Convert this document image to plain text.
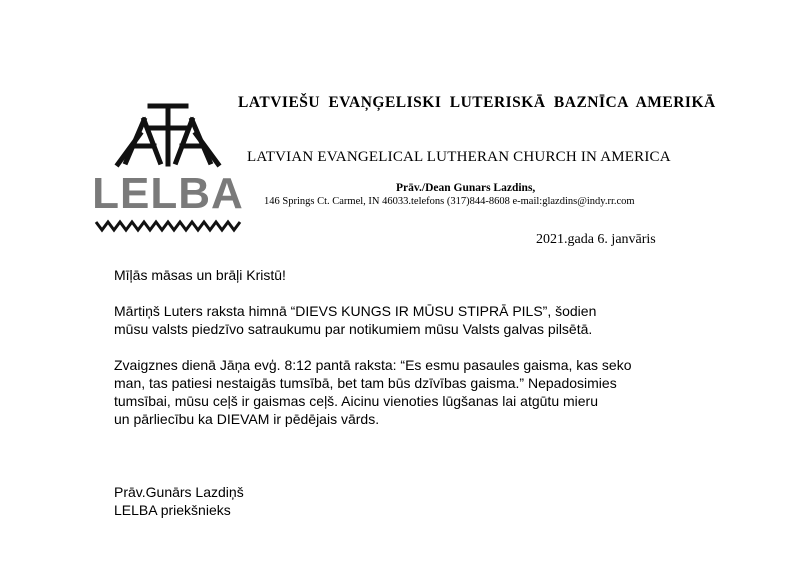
LELBA
LATVIEŠU EVAŅĢELISKI LUTERISKĀ BAZNĪCA AMERIKĀ
LATVIAN EVANGELICAL LUTHERAN CHURCH IN AMERICA
Prāv./Dean Gunars Lazdins,
146 Springs Ct. Carmel, IN 46033.telefons (317)844-8608 e-mail:glazdins@indy.rr.com
2021.gada 6. janvāris
Mīļās māsas un brāļi Kristū!
Mārtiņš Luters raksta himnā “DIEVS KUNGS IR MŪSU STIPRĀ PILS”, šodien
mūsu valsts piedzīvo satraukumu par notikumiem mūsu Valsts galvas pilsētā.
Zvaigznes dienā Jāņa evģ. 8:12 pantā raksta: “Es esmu pasaules gaisma, kas seko
man, tas patiesi nestaigās tumsībā, bet tam būs dzīvības gaisma.” Nepadosimies
tumsībai, mūsu ceļš ir gaismas ceļš. Aicinu vienoties lūgšanas lai atgūtu mieru
un pārliecību ka DIEVAM ir pēdējais vārds.
Prāv.Gunārs Lazdiņš
LELBA priekšnieks
